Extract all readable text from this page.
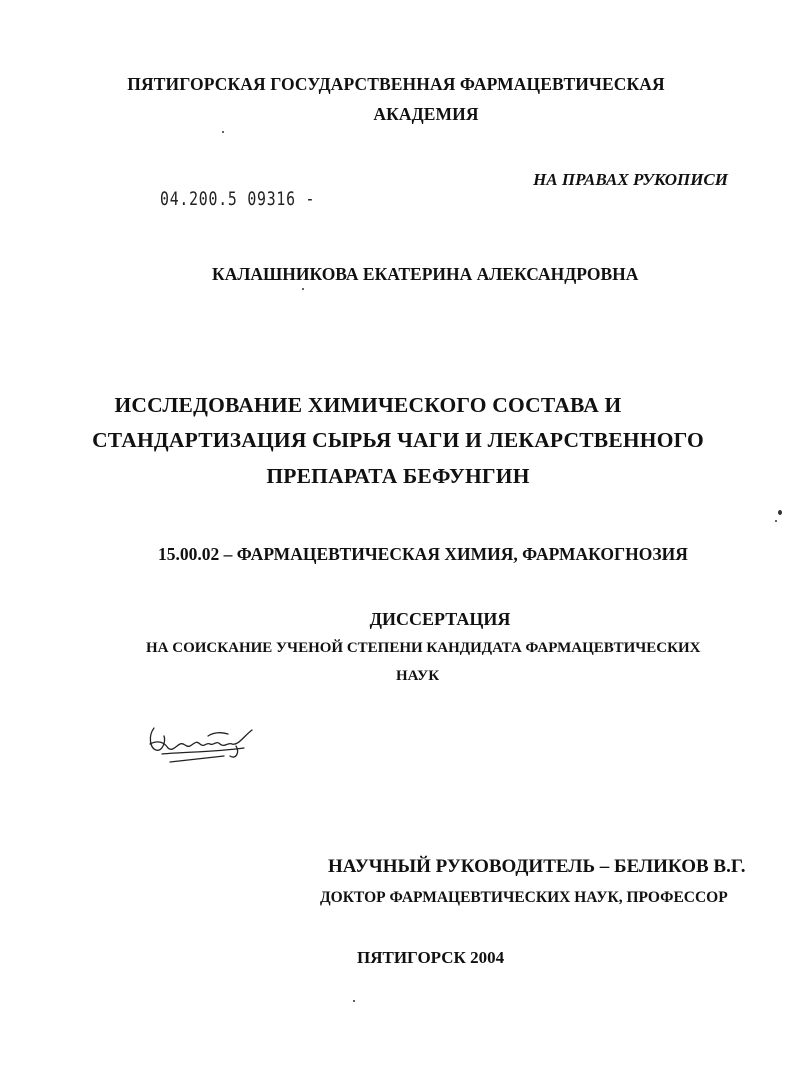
ПЯТИГОРСКАЯ ГОСУДАРСТВЕННАЯ ФАРМАЦЕВТИЧЕСКАЯ
АКАДЕМИЯ
НА ПРАВАХ РУКОПИСИ
04.200.5 09316 -
КАЛАШНИКОВА ЕКАТЕРИНА АЛЕКСАНДРОВНА
ИССЛЕДОВАНИЕ ХИМИЧЕСКОГО СОСТАВА И
СТАНДАРТИЗАЦИЯ СЫРЬЯ ЧАГИ И ЛЕКАРСТВЕННОГО
ПРЕПАРАТА БЕФУНГИН
15.00.02 – ФАРМАЦЕВТИЧЕСКАЯ ХИМИЯ, ФАРМАКОГНОЗИЯ
ДИССЕРТАЦИЯ
НА СОИСКАНИЕ УЧЕНОЙ СТЕПЕНИ КАНДИДАТА ФАРМАЦЕВТИЧЕСКИХ
НАУК
НАУЧНЫЙ РУКОВОДИТЕЛЬ – БЕЛИКОВ В.Г.
ДОКТОР ФАРМАЦЕВТИЧЕСКИХ НАУК, ПРОФЕССОР
ПЯТИГОРСК 2004
